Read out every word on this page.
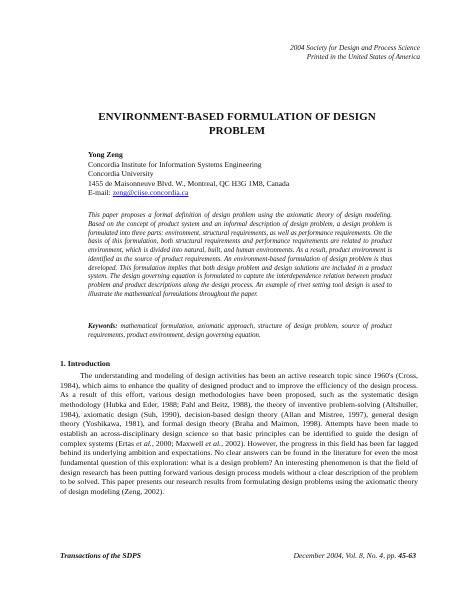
2004 Society for Design and Process Science
Printed in the United States of America
ENVIRONMENT-BASED FORMULATION OF DESIGN
PROBLEM
Yong Zeng
Concordia Institute for Information Systems Engineering
Concordia University
1455 de Maisonneuve Blvd. W., Montreal, QC H3G 1M8, Canada
E-mail: zeng@ciise.concordia.ca
This paper proposes a formal definition of design problem using the axiomatic theory of design modeling. Based on the concept of product system and an informal description of design problem, a design problem is formulated into three parts: environment, structural requirements, as well as performance requirements. On the basis of this formulation, both structural requirements and performance requirements are related to product environment, which is divided into natural, built, and human environments. As a result, product environment is identified as the source of product requirements. An environment-based formulation of design problem is thus developed. This formulation implies that both design problem and design solutions are included in a product system. The design governing equation is formulated to capture the interdependence relation between product problem and product descriptions along the design process. An example of rivet setting tool design is used to illustrate the mathematical formulations throughout the paper.
Keywords: mathematical formulation, axiomatic approach, structure of design problem, source of product requirements, product environment, design governing equation.
1. Introduction

The understanding and modeling of design activities has been an active research topic since 1960's (Cross, 1984), which aims to enhance the quality of designed product and to improve the efficiency of the design process. As a result of this effort, various design methodologies have been proposed, such as the systematic design methodology (Hubka and Eder, 1988; Pahl and Beitz, 1988), the theory of inventive problem-solving (Altshuller, 1984), axiomatic design (Suh, 1990), decision-based design theory (Allan and Mistree, 1997), general design theory (Yoshikawa, 1981), and formal design theory (Braha and Maimon, 1998). Attempts have been made to establish an across-disciplinary design science so that basic principles can be identified to guide the design of complex systems (Ertas et al., 2000; Maxwell et al., 2002). However, the progress in this field has been far lagged behind its underlying ambition and expectations. No clear answers can be found in the literature for even the most fundamental question of this exploration: what is a design problem? An interesting phenomenon is that the field of design research has been putting forward various design process models without a clear description of the problem to be solved. This paper presents our research results from formulating design problems using the axiomatic theory of design modeling (Zeng, 2002).

Transactions of the SDPS	December 2004, Vol. 8, No. 4, pp. 45-63
